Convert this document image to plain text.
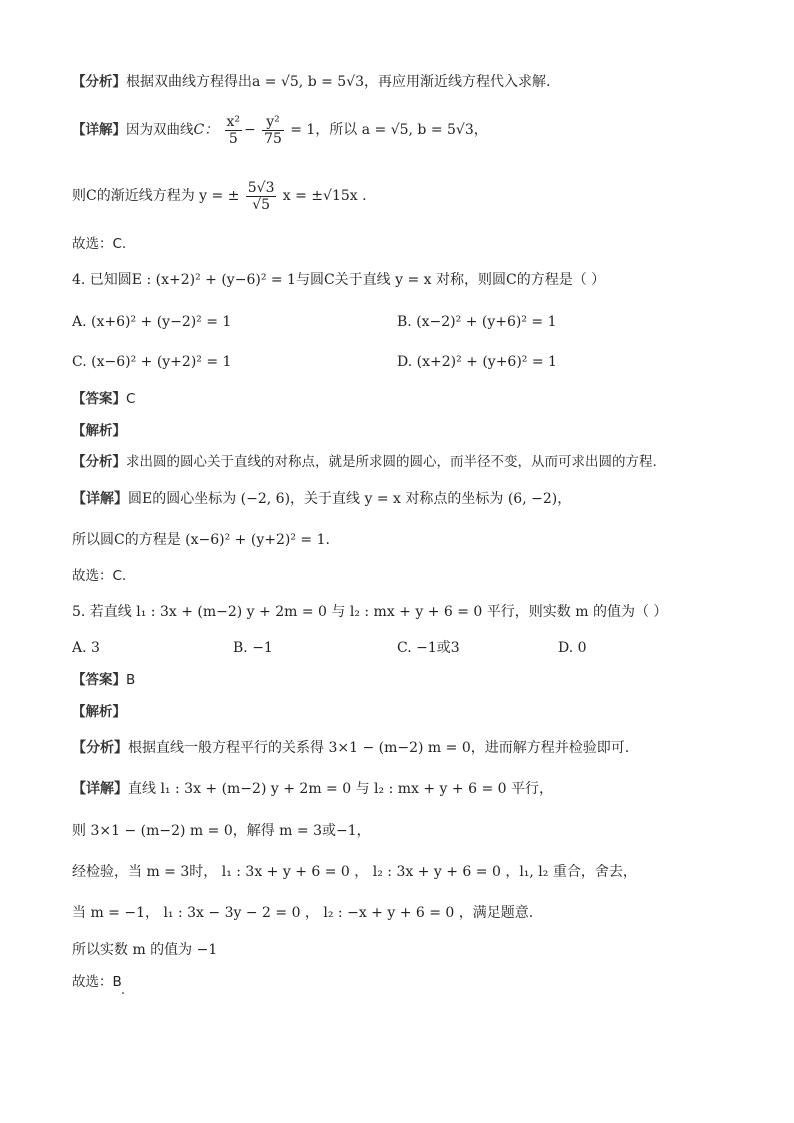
【分析】根据双曲线方程得出a = √5, b = 5√3，再应用渐近线方程代入求解.
【详解】因为双曲线C： $\frac{\text{x²}}{5} - \frac{\text{y²}}{75} = 1$，所以 a = √5, b = 5√3，
则C的渐近线方程为 y = ± $\frac{5√3}{√5}$ x = ±√15x .
故选：C.
4. 已知圆E : (x+2)² + (y−6)² = 1与圆C关于直线 y = x 对称，则圆C的方程是（ ）
A. (x+6)² + (y−2)² = 1	B. (x−2)² + (y+6)² = 1
C. (x−6)² + (y+2)² = 1	D. (x+2)² + (y+6)² = 1
【答案】C
【解析】
【分析】求出圆的圆心关于直线的对称点，就是所求圆的圆心，而半径不变，从而可求出圆的方程.
【详解】圆E的圆心坐标为 (−2, 6)，关于直线 y = x 对称点的坐标为 (6, −2)，
所以圆C的方程是 (x−6)² + (y+2)² = 1.
故选：C.
5. 若直线 l₁ : 3x + (m−2) y + 2m = 0 与 l₂ : mx + y + 6 = 0 平行，则实数 m 的值为（ ）
A. 3	B. −1	C. −1或3	D. 0
【答案】B
【解析】
【分析】根据直线一般方程平行的关系得 3×1 − (m−2) m = 0，进而解方程并检验即可.
【详解】直线 l₁ : 3x + (m−2) y + 2m = 0 与 l₂ : mx + y + 6 = 0 平行，
则 3×1 − (m−2) m = 0，解得 m = 3或−1，
经检验，当 m = 3时， l₁ : 3x + y + 6 = 0 ， l₂ : 3x + y + 6 = 0 ，l₁, l₂ 重合，舍去，
当 m = −1， l₁ : 3x − 3y − 2 = 0 ， l₂ : −x + y + 6 = 0 ，满足题意.
所以实数 m 的值为 −1
故选：B
